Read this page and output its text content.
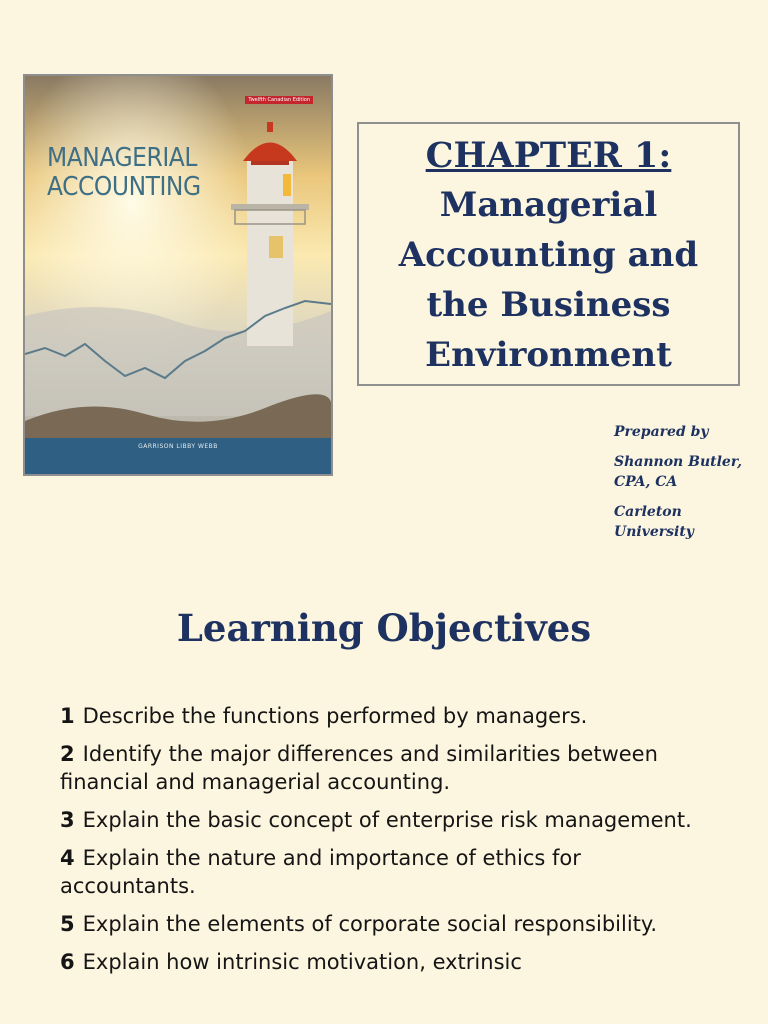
Twelfth Canadian Edition
MANAGERIAL
ACCOUNTING
GARRISON LIBBY WEBB
CHAPTER 1:
Managerial
Accounting and
the Business
Environment

Prepared by

Shannon Butler,
CPA, CA

Carleton
University

Learning Objectives
1 Describe the functions performed by managers.
2 Identify the major differences and similarities between financial and managerial accounting.
3 Explain the basic concept of enterprise risk management.
4 Explain the nature and importance of ethics for accountants.
5 Explain the elements of corporate social responsibility.
6 Explain how intrinsic motivation, extrinsic
